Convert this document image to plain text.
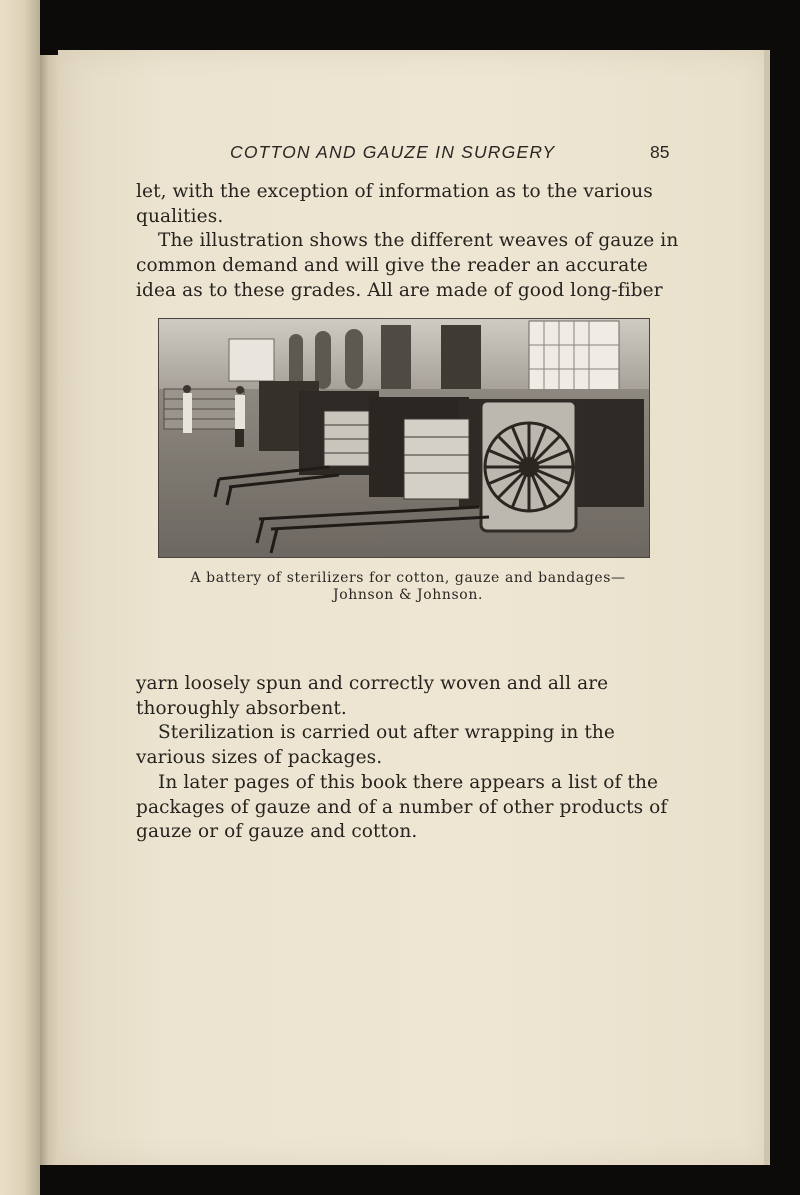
COTTON AND GAUZE IN SURGERY	85

let, with the exception of information as to the various qualities.

The illustration shows the different weaves of gauze in common demand and will give the reader an accurate idea as to these grades. All are made of good long-fiber

A battery of sterilizers for cotton, gauze and bandages—
Johnson & Johnson.

yarn loosely spun and correctly woven and all are thoroughly absorbent.

Sterilization is carried out after wrapping in the various sizes of packages.

In later pages of this book there appears a list of the packages of gauze and of a number of other products of gauze or of gauze and cotton.
